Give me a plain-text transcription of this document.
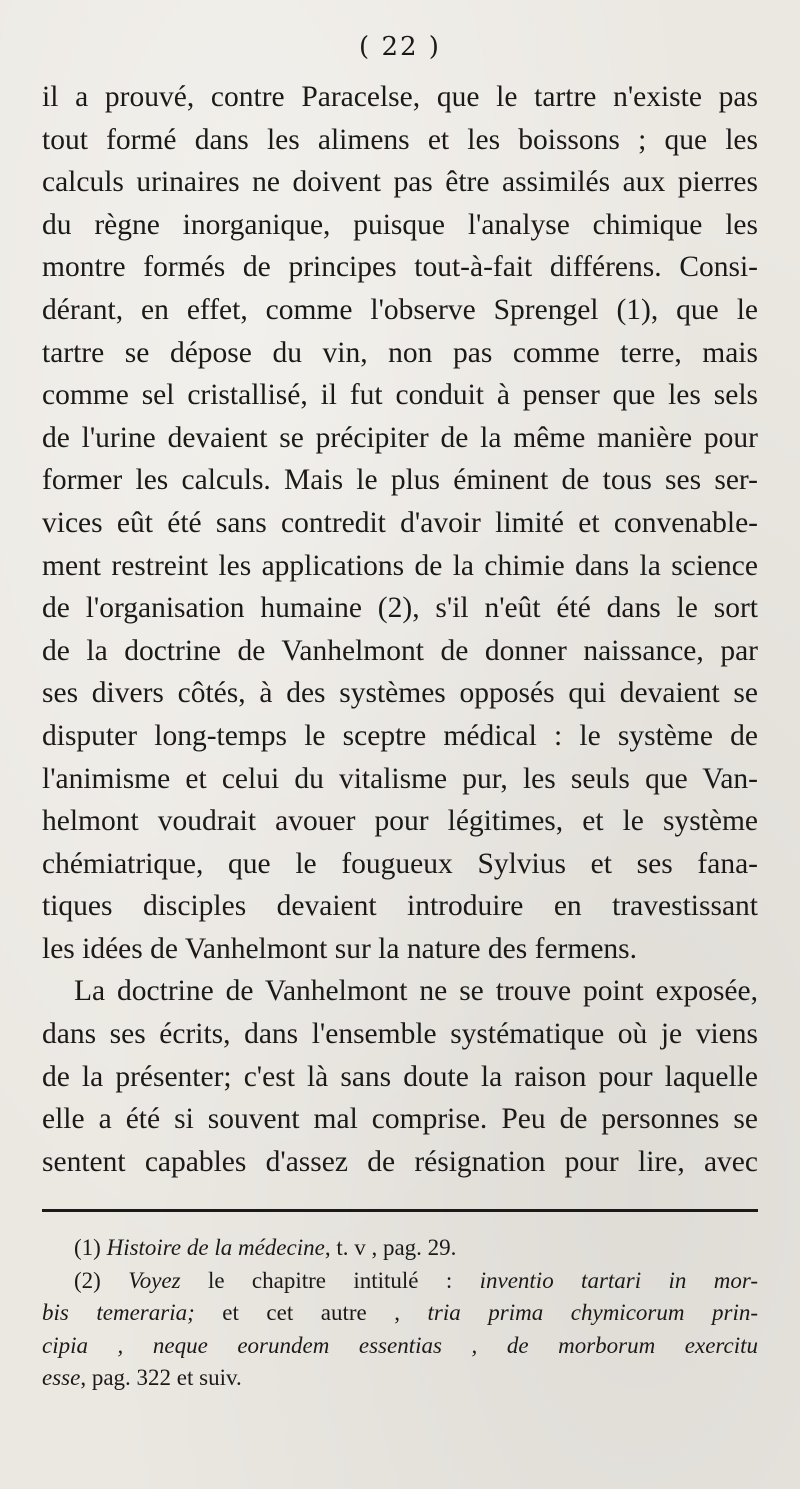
( 22 )
il a prouvé, contre Paracelse, que le tartre n'existe pas
tout formé dans les alimens et les boissons ; que les
calculs urinaires ne doivent pas être assimilés aux pierres
du règne inorganique, puisque l'analyse chimique les
montre formés de principes tout-à-fait différens. Consi-
dérant, en effet, comme l'observe Sprengel (1), que le
tartre se dépose du vin, non pas comme terre, mais
comme sel cristallisé, il fut conduit à penser que les sels
de l'urine devaient se précipiter de la même manière pour
former les calculs. Mais le plus éminent de tous ses ser-
vices eût été sans contredit d'avoir limité et convenable-
ment restreint les applications de la chimie dans la science
de l'organisation humaine (2), s'il n'eût été dans le sort
de la doctrine de Vanhelmont de donner naissance, par
ses divers côtés, à des systèmes opposés qui devaient se
disputer long-temps le sceptre médical : le système de
l'animisme et celui du vitalisme pur, les seuls que Van-
helmont voudrait avouer pour légitimes, et le système
chémiatrique, que le fougueux Sylvius et ses fana-
tiques disciples devaient introduire en travestissant
les idées de Vanhelmont sur la nature des fermens.
La doctrine de Vanhelmont ne se trouve point exposée,
dans ses écrits, dans l'ensemble systématique où je viens
de la présenter; c'est là sans doute la raison pour laquelle
elle a été si souvent mal comprise. Peu de personnes se
sentent capables d'assez de résignation pour lire, avec
(1) Histoire de la médecine, t. v , pag. 29.
(2) Voyez le chapitre intitulé : inventio tartari in mor-
bis temeraria; et cet autre , tria prima chymicorum prin-
cipia , neque eorundem essentias , de morborum exercitu
esse, pag. 322 et suiv.
